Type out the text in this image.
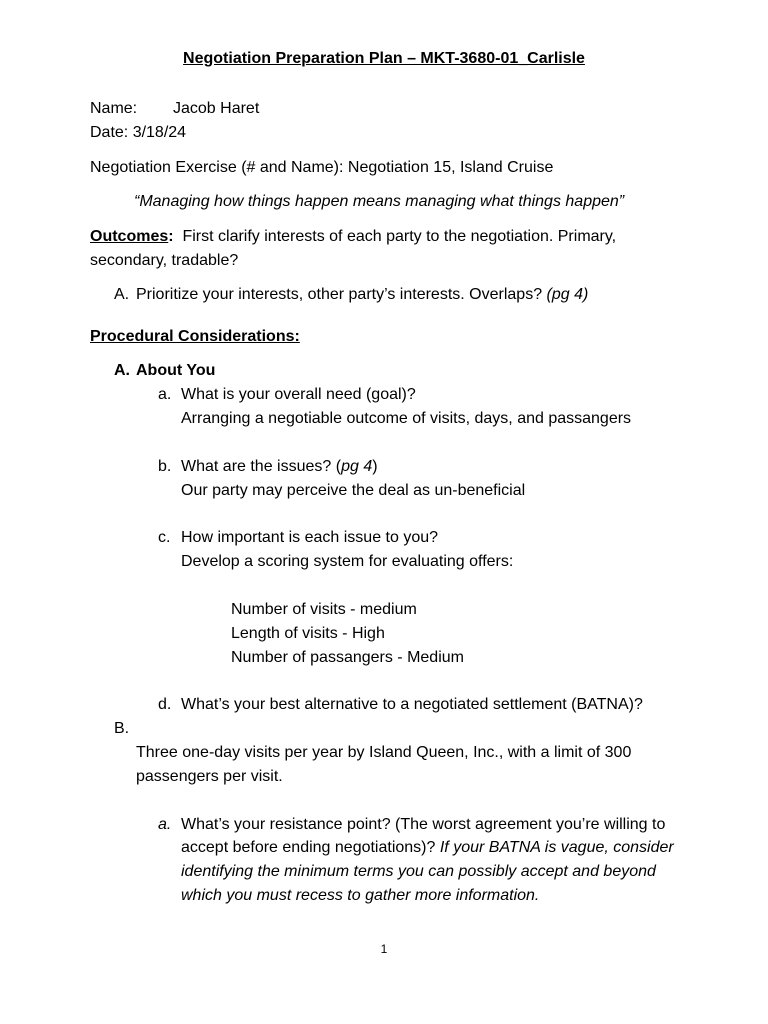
Negotiation Preparation Plan – MKT-3680-01_Carlisle
Name: Jacob Haret
Date: 3/18/24
Negotiation Exercise (# and Name): Negotiation 15, Island Cruise
“Managing how things happen means managing what things happen”
Outcomes: First clarify interests of each party to the negotiation. Primary,
secondary, tradable?
A. Prioritize your interests, other party’s interests. Overlaps? (pg 4)
Procedural Considerations:
A. About You
a. What is your overall need (goal)?
Arranging a negotiable outcome of visits, days, and passangers
b. What are the issues? (pg 4)
Our party may perceive the deal as un-beneficial
c. How important is each issue to you?
Develop a scoring system for evaluating offers:
Number of visits - medium
Length of visits - High
Number of passangers - Medium
d. What’s your best alternative to a negotiated settlement (BATNA)?
B.
Three one-day visits per year by Island Queen, Inc., with a limit of 300
passengers per visit.
a. What’s your resistance point? (The worst agreement you’re willing to
accept before ending negotiations)? If your BATNA is vague, consider
identifying the minimum terms you can possibly accept and beyond
which you must recess to gather more information.
1
